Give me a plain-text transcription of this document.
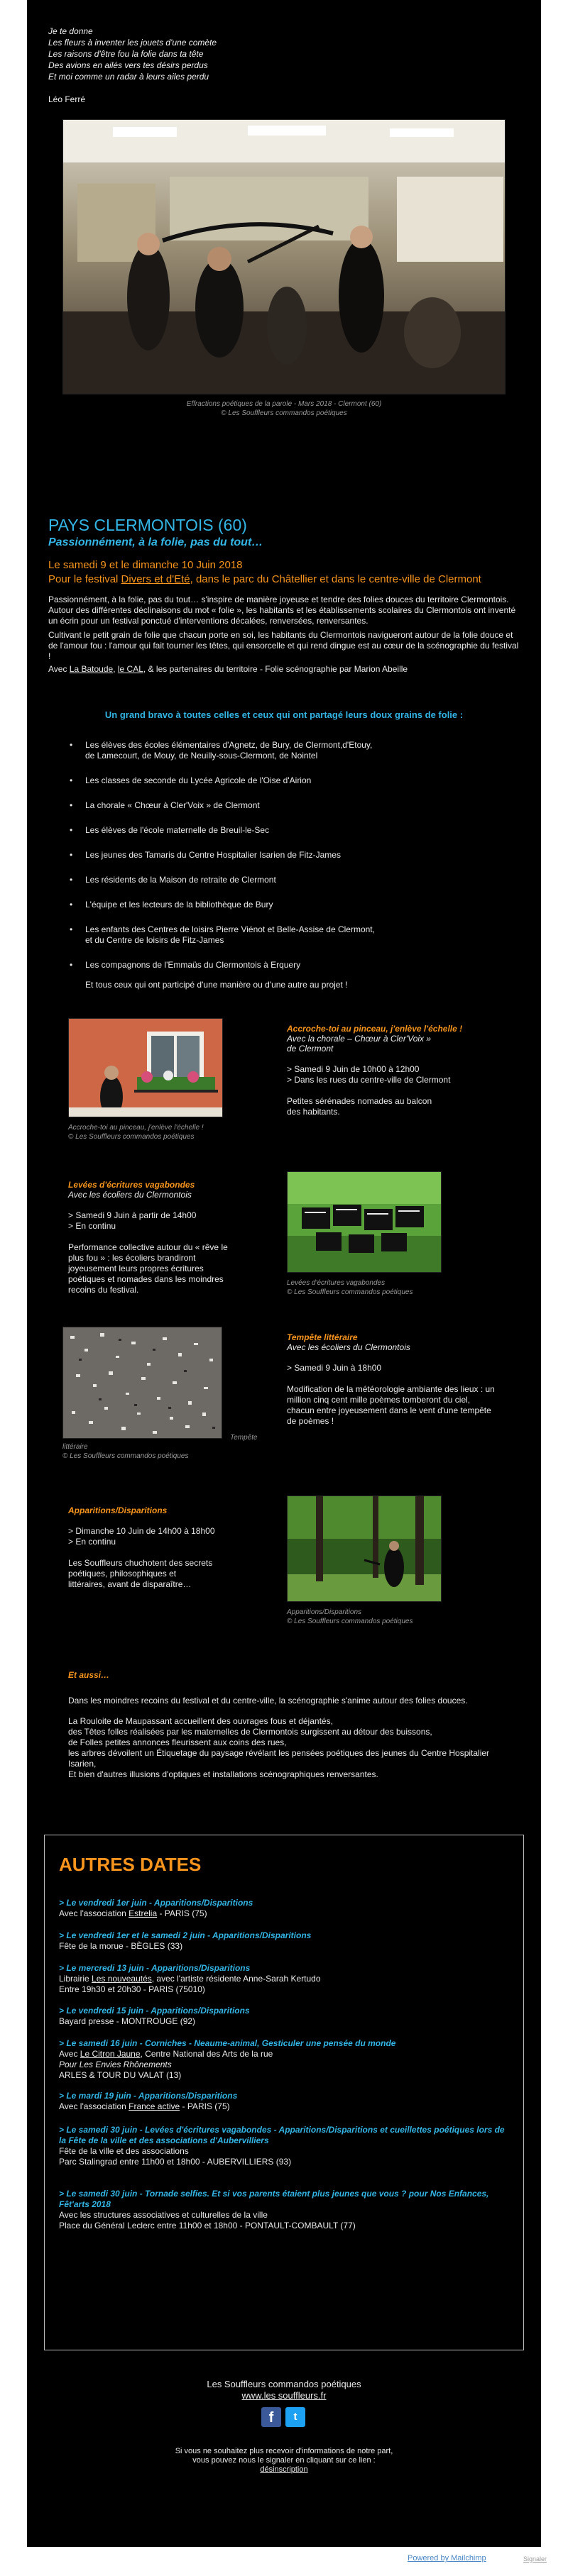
Je te donne
Les fleurs à inventer les jouets d'une comète
Les raisons d'être fou la folie dans ta tête
Des avions en ailés vers tes désirs perdus
Et moi comme un radar à leurs ailes perdu
Léo Ferré
Effractions poétiques de la parole - Mars 2018 - Clermont (60)
© Les Souffleurs commandos poétiques
PAYS CLERMONTOIS (60)
Passionnément, à la folie, pas du tout…
Le samedi 9 et le dimanche 10 Juin 2018
Pour le festival Divers et d'Eté, dans le parc du Châtellier et dans le centre-ville de Clermont
Passionnément, à la folie, pas du tout… s'inspire de manière joyeuse et tendre des folies douces du territoire Clermontois. Autour des différentes déclinaisons du mot « folie », les habitants et les établissements scolaires du Clermontois ont inventé un écrin pour un festival ponctué d'interventions décalées, renversées, renversantes.
Cultivant le petit grain de folie que chacun porte en soi, les habitants du Clermontois navigueront autour de la folie douce et de l'amour fou : l'amour qui fait tourner les têtes, qui ensorcelle et qui rend dingue est au cœur de la scénographie du festival !
Avec La Batoude, le CAL, & les partenaires du territoire - Folie scénographie par Marion Abeille
Un grand bravo à toutes celles et ceux qui ont partagé leurs doux grains de folie :
• Les élèves des écoles élémentaires d'Agnetz, de Bury, de Clermont,d'Etouy,
de Lamecourt, de Mouy, de Neuilly-sous-Clermont, de Nointel
• Les classes de seconde du Lycée Agricole de l'Oise d'Airion
• La chorale « Chœur à Cler'Voix » de Clermont
• Les élèves de l'école maternelle de Breuil-le-Sec
• Les jeunes des Tamaris du Centre Hospitalier Isarien de Fitz-James
• Les résidents de la Maison de retraite de Clermont
• L'équipe et les lecteurs de la bibliothèque de Bury
• Les enfants des Centres de loisirs Pierre Viénot et Belle-Assise de Clermont,
et du Centre de loisirs de Fitz-James
• Les compagnons de l'Emmaüs du Clermontois à Erquery
Et tous ceux qui ont participé d'une manière ou d'une autre au projet !
Accroche-toi au pinceau, j'enlève l'échelle !
© Les Souffleurs commandos poétiques
Accroche-toi au pinceau, j'enlève l'échelle !
Avec la chorale – Chœur à Cler'Voix »
de Clermont
> Samedi 9 Juin de 10h00 à 12h00
> Dans les rues du centre-ville de Clermont
Petites sérénades nomades au balcon des habitants.
Levées d'écritures vagabondes
Avec les écoliers du Clermontois
> Samedi 9 Juin à partir de 14h00
> En continu
Performance collective autour du « rêve le plus fou » : les écoliers brandiront joyeusement leurs propres écritures poétiques et nomades dans les moindres recoins du festival.
Levées d'écritures vagabondes
© Les Souffleurs commandos poétiques
Tempête
littéraire
© Les Souffleurs commandos poétiques
Tempête littéraire
Avec les écoliers du Clermontois
> Samedi 9 Juin à 18h00
Modification de la météorologie ambiante des lieux : un million cinq cent mille poèmes tomberont du ciel, chacun entre joyeusement dans le vent d'une tempête de poèmes !
Apparitions/Disparitions
> Dimanche 10 Juin de 14h00 à 18h00
> En continu
Les Souffleurs chuchotent des secrets poétiques, philosophiques et littéraires, avant de disparaître…
Apparitions/Disparitions
© Les Souffleurs commandos poétiques
Et aussi…
Dans les moindres recoins du festival et du centre-ville, la scénographie s'anime autour des folies douces.
La Rouloite de Maupassant accueillent des ouvrages fous et déjantés,
des Têtes folles réalisées par les maternelles de Clermontois surgissent au détour des buissons,
de Folles petites annonces fleurissent aux coins des rues,
les arbres dévoilent un Étiquetage du paysage révélant les pensées poétiques des jeunes du Centre Hospitalier Isarien,
Et bien d'autres illusions d'optiques et installations scénographiques renversantes.
AUTRES DATES
> Le vendredi 1er juin - Apparitions/Disparitions
Avec l'association Estrelia - PARIS (75)
> Le vendredi 1er et le samedi 2 juin - Apparitions/Disparitions
Fête de la morue - BÈGLES (33)
> Le mercredi 13 juin - Apparitions/Disparitions
Librairie Les nouveautés, avec l'artiste résidente Anne-Sarah Kertudo
Entre 19h30 et 20h30 - PARIS (75010)
> Le vendredi 15 juin - Apparitions/Disparitions
Bayard presse - MONTROUGE (92)
> Le samedi 16 juin - Corniches - Neaume-animal, Gesticuler une pensée du monde
Avec Le Citron Jaune, Centre National des Arts de la rue
Pour Les Envies Rhônements
ARLES & TOUR DU VALAT (13)
> Le mardi 19 juin - Apparitions/Disparitions
Avec l'association France active - PARIS (75)
> Le samedi 30 juin - Levées d'écritures vagabondes - Apparitions/Disparitions et cueillettes poétiques lors de la Fête de la ville et des associations d'Aubervilliers
Fête de la ville et des associations
Parc Stalingrad entre 11h00 et 18h00 - AUBERVILLIERS (93)
> Le samedi 30 juin - Tornade selfies. Et si vos parents étaient plus jeunes que vous ? pour Nos Enfances, Fêt'arts 2018
Avec les structures associatives et culturelles de la ville
Place du Général Leclerc entre 11h00 et 18h00 - PONTAULT-COMBAULT (77)
Les Souffleurs commandos poétiques
www.les souffleurs.fr
f	t
Si vous ne souhaitez plus recevoir d'informations de notre part,
vous pouvez nous le signaler en cliquant sur ce lien :
désinscription
Powered by Mailchimp	Signaler
